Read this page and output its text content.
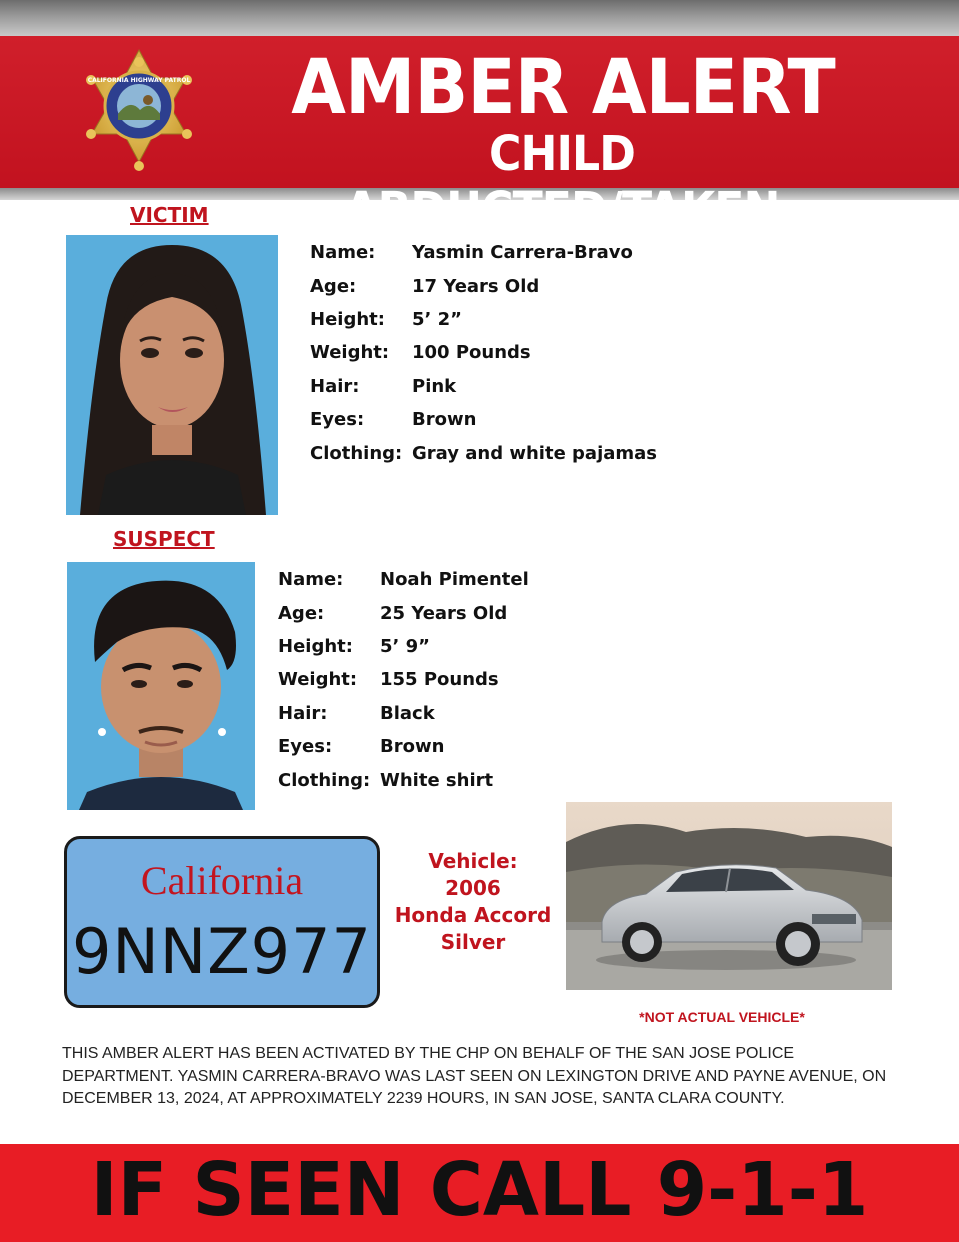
CALIFORNIA HIGHWAY PATROL AMBER ALERT
CHILD ABDUCTED/TAKEN
VICTIM
Name:	Yasmin Carrera-Bravo
Age:	17 Years Old
Height:	5’ 2”
Weight:	100 Pounds
Hair:	Pink
Eyes:	Brown
Clothing: Gray and white pajamas
SUSPECT
Name:	Noah Pimentel
Age:	25 Years Old
Height:	5’ 9”
Weight:	155 Pounds
Hair:	Black
Eyes:	Brown
Clothing: White shirt
California
9NNZ977
Vehicle:
2006
Honda Accord
Silver
*NOT ACTUAL VEHICLE*
THIS AMBER ALERT HAS BEEN ACTIVATED BY THE CHP ON BEHALF OF THE SAN JOSE POLICE DEPARTMENT. YASMIN CARRERA-BRAVO WAS LAST SEEN ON LEXINGTON DRIVE AND PAYNE AVENUE, ON DECEMBER 13, 2024, AT APPROXIMATELY 2239 HOURS, IN SAN JOSE, SANTA CLARA COUNTY.
IF SEEN CALL 9-1-1
